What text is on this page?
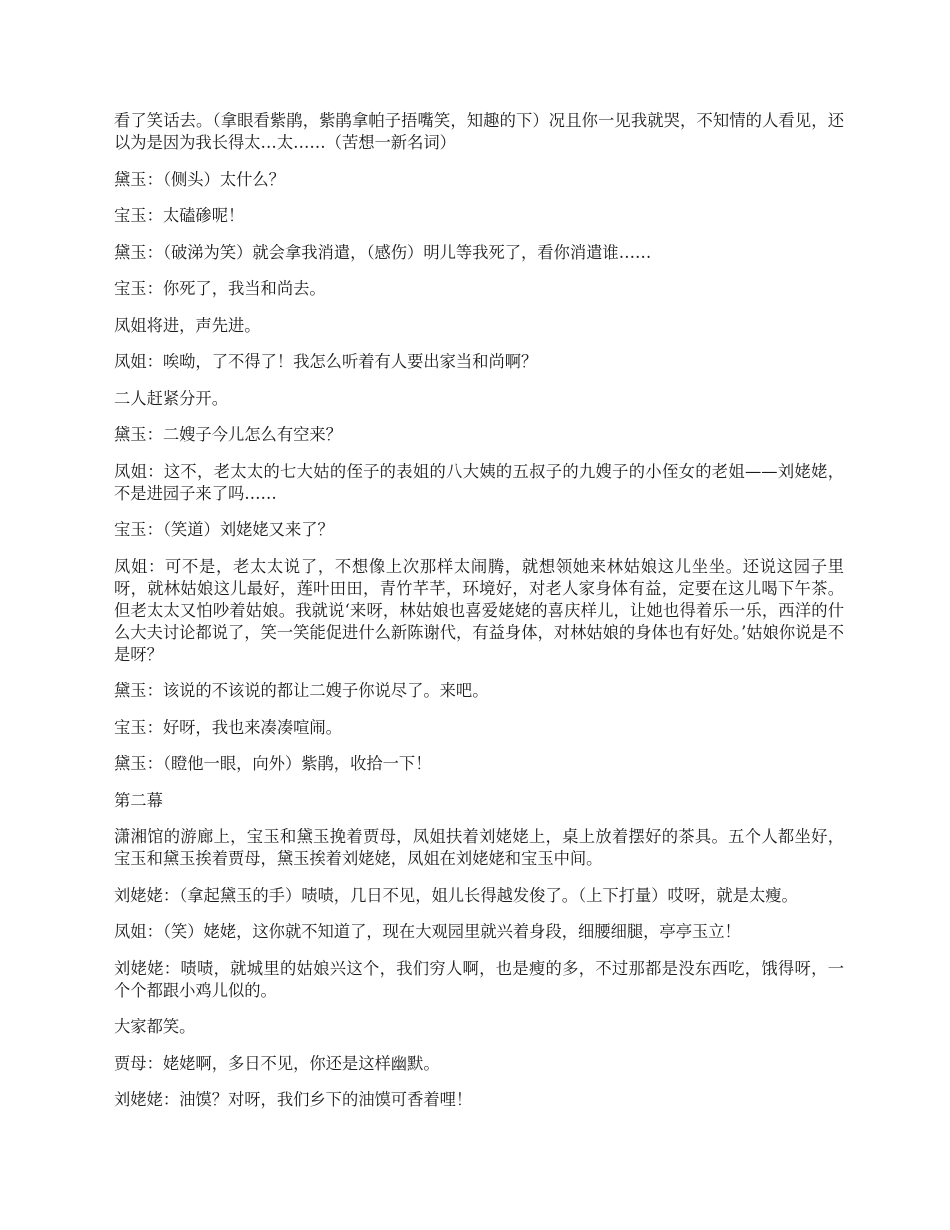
看了笑话去。（拿眼看紫鹃，紫鹃拿帕子捂嘴笑，知趣的下）况且你一见我就哭，不知情的人看见，还以为是因为我长得太…太……（苦想一新名词）

黛玉：（侧头）太什么？

宝玉：太磕碜呢！

黛玉：（破涕为笑）就会拿我消遣，（感伤）明儿等我死了，看你消遣谁……

宝玉：你死了，我当和尚去。

凤姐将进，声先进。

凤姐：唉呦，了不得了！我怎么听着有人要出家当和尚啊？

二人赶紧分开。

黛玉：二嫂子今儿怎么有空来？

凤姐：这不，老太太的七大姑的侄子的表姐的八大姨的五叔子的九嫂子的小侄女的老姐——刘姥姥，不是进园子来了吗……

宝玉：（笑道）刘姥姥又来了？

凤姐：可不是，老太太说了，不想像上次那样太闹腾，就想领她来林姑娘这儿坐坐。还说这园子里呀，就林姑娘这儿最好，莲叶田田，青竹芊芊，环境好，对老人家身体有益，定要在这儿喝下午茶。但老太太又怕吵着姑娘。我就说‘来呀，林姑娘也喜爱姥姥的喜庆样儿，让她也得着乐一乐，西洋的什么大夫讨论都说了，笑一笑能促进什么新陈谢代，有益身体，对林姑娘的身体也有好处。’姑娘你说是不是呀？

黛玉：该说的不该说的都让二嫂子你说尽了。来吧。

宝玉：好呀，我也来凑凑喧闹。

黛玉：（瞪他一眼，向外）紫鹃，收拾一下！

第二幕

潇湘馆的游廊上，宝玉和黛玉挽着贾母，凤姐扶着刘姥姥上，桌上放着摆好的茶具。五个人都坐好，宝玉和黛玉挨着贾母，黛玉挨着刘姥姥，凤姐在刘姥姥和宝玉中间。

刘姥姥：（拿起黛玉的手）啧啧，几日不见，姐儿长得越发俊了。（上下打量）哎呀，就是太瘦。

凤姐：（笑）姥姥，这你就不知道了，现在大观园里就兴着身段，细腰细腿，亭亭玉立！

刘姥姥：啧啧，就城里的姑娘兴这个，我们穷人啊，也是瘦的多，不过那都是没东西吃，饿得呀，一个个都跟小鸡儿似的。

大家都笑。

贾母：姥姥啊，多日不见，你还是这样幽默。

刘姥姥：油馍？对呀，我们乡下的油馍可香着哩！
